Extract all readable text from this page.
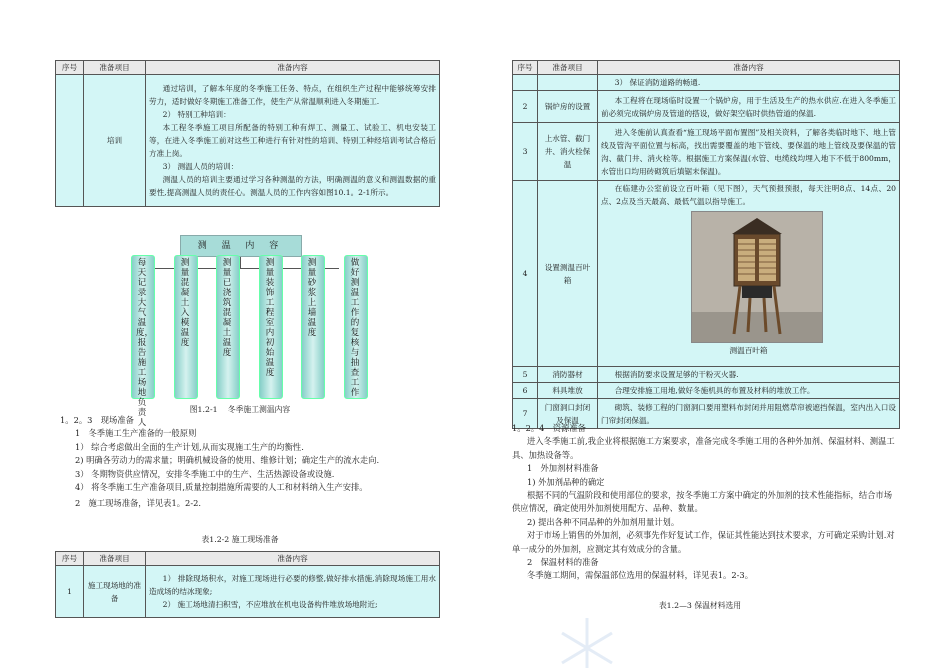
序号	准备项目	准备内容
	培训	通过培训，了解本年度的冬季施工任务、特点，在组织生产过程中能够统筹安排劳力，适时做好冬期施工准备工作，使生产从常温顺利进入冬期施工.

2） 特别工种培训：

本工程冬季施工项目所配备的特别工种有焊工、测量工、试验工、机电安装工等，在进入冬季施工前对这些工种进行有针对性的培训、特别工种经培训考试合格后方准上岗。

3） 测温人员的培训：

测温人员的培训主要通过学习各种测温的方法，明确测温的意义和测温数据的重要性,提高测温人员的责任心。测温人员的工作内容如图10.1。2-1所示。

测 温 内 容
每天记录大气温度，报告施工场地负责人
测量混凝土入模温度
测量已浇筑混凝土温度
测量装饰工程室内初始温度
测量砂浆上墙温度
做好测温工作的复核与抽查工作
图1.2-1　 冬季施工测温内容

1。2。3　现场准备

1　冬季施工生产准备的一般原则

1） 综合考虑做出全面的生产计划,从而实现施工生产的均衡性.

2) 明确各劳动力的需求量；明确机械设备的使用、维修计划；确定生产的流水走向.

3） 冬期物资供应情况，安排冬季施工中的生产、生活热源设备或设施.

4） 将冬季施工生产准备项目,质量控制措施所需要的人工和材料纳入生产安排。

2　施工现场准备，详见表1。2-2.

表1.2-2 施工现场准备
序号	准备项目	准备内容
1	施工现场地的准备	1） 排除现场积水，对施工现场进行必要的修整,做好排水措施,消除现场施工用水造成场的结冰现象;

2） 施工场地清扫积雪，不应堆放在机电设备构件堆放场地附近;

序号	准备项目	准备内容

		3） 保证消防道路的畅通.

2	锅炉房的设置	本工程将在现场临时设置一个锅炉房，用于生活及生产的热水供应.在进入冬季施工前必须完成锅炉房及管道的搭设，做好架空临时供热管道的保温.

3	上水管、截门井、消火栓保温	进入冬施前认真查看“施工现场平面布置图”及相关资料，了解各类临时地下、地上管线及管沟平面位置与标高，找出需要覆盖的地下管线、要保温的地上管线及要保温的管沟、截门井、消火栓等。根据施工方案保温(水管、电缆线均埋入地下不低于800mm，水管出口均用砖砌筑后填锯末保温)。

4	设置测温百叶箱	在临建办公室前设立百叶箱（见下图），天气预报预报，每天注明8点、14点、20点、2点及当天最高、最低气温以指导施工。

测温百叶箱

5	消防器材	根据消防要求设置足够的干粉灭火器.

6	料具堆放	合理安排施工用地,做好冬施机具的布置及材料的堆放工作。

7	门窗洞口封闭及保温	砌筑、装修工程的门窗洞口要用塑料布封闭并用阻燃草帘被遮挡保温，室内出入口设门帘封闭保温。

1。2。4　资源准备

进入冬季施工前,我企业将根据施工方案要求，准备完成冬季施工用的各种外加剂、保温材料、测温工具、加热设备等。

1　外加剂材料准备

1) 外加剂品种的确定

根据不同的气温阶段和使用部位的要求，按冬季施工方案中确定的外加剂的技术性能指标，结合市场供应情况，确定使用外加剂使用配方、品种、数量。

2) 提出各种不同品种的外加剂用量计划。

对于市场上销售的外加剂，必须事先作好复试工作，保证其性能达到技术要求，方可确定采购计划.对单一成分的外加剂，应测定其有效成分的含量。

2　保温材料的准备

冬季施工期间，需保温部位选用的保温材料，详见表1。2-3。

表1.2—3 保温材料选用
